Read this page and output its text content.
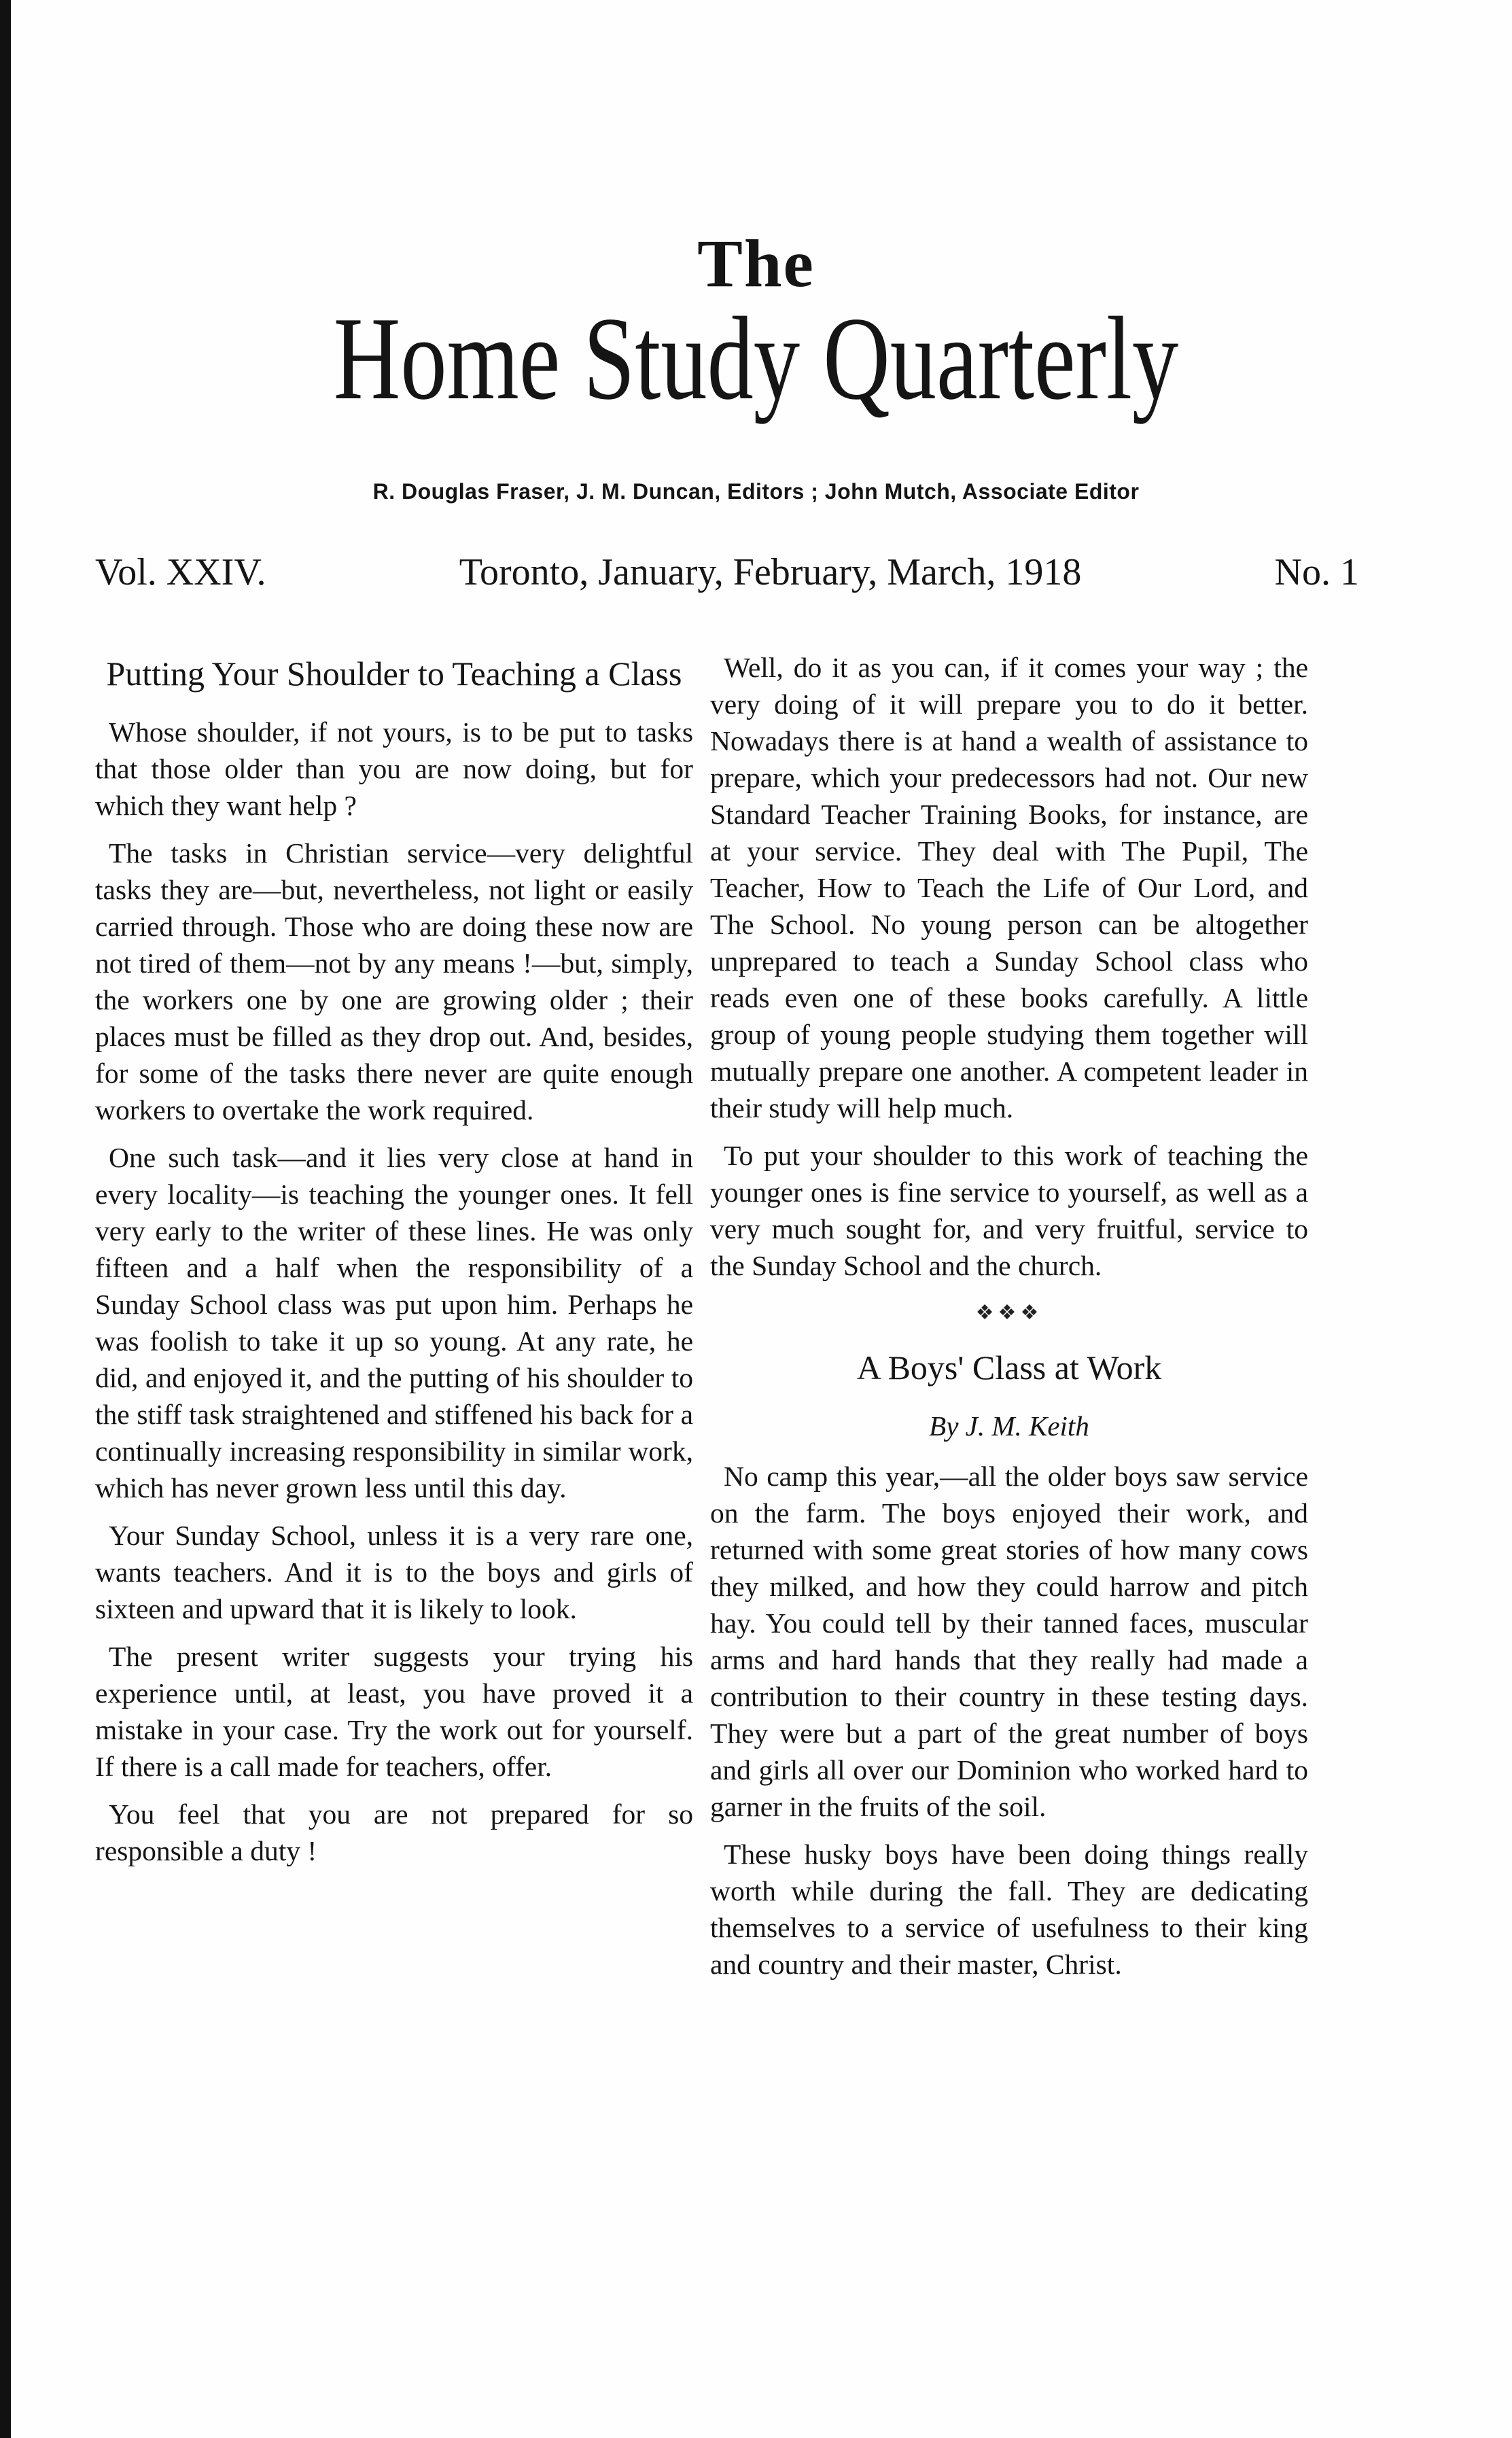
The
Home Study Quarterly
R. Douglas Fraser, J. M. Duncan, Editors ; John Mutch, Associate Editor
Vol. XXIV.	Toronto, January, February, March, 1918	No. 1
Putting Your Shoulder to Teaching a Class

Whose shoulder, if not yours, is to be put to tasks that those older than you are now doing, but for which they want help ?

The tasks in Christian service—very delightful tasks they are—but, nevertheless, not light or easily carried through. Those who are doing these now are not tired of them—not by any means !—but, simply, the workers one by one are growing older ; their places must be filled as they drop out. And, besides, for some of the tasks there never are quite enough workers to overtake the work required.

One such task—and it lies very close at hand in every locality—is teaching the younger ones. It fell very early to the writer of these lines. He was only fifteen and a half when the responsibility of a Sunday School class was put upon him. Perhaps he was foolish to take it up so young. At any rate, he did, and enjoyed it, and the putting of his shoulder to the stiff task straightened and stiffened his back for a continually increasing responsibility in similar work, which has never grown less until this day.

Your Sunday School, unless it is a very rare one, wants teachers. And it is to the boys and girls of sixteen and upward that it is likely to look.

The present writer suggests your trying his experience until, at least, you have proved it a mistake in your case. Try the work out for yourself. If there is a call made for teachers, offer.

You feel that you are not prepared for so responsible a duty !

Well, do it as you can, if it comes your way ; the very doing of it will prepare you to do it better. Nowadays there is at hand a wealth of assistance to prepare, which your predecessors had not. Our new Standard Teacher Training Books, for instance, are at your service. They deal with The Pupil, The Teacher, How to Teach the Life of Our Lord, and The School. No young person can be altogether unprepared to teach a Sunday School class who reads even one of these books carefully. A little group of young people studying them together will mutually prepare one another. A competent leader in their study will help much.

To put your shoulder to this work of teaching the younger ones is fine service to yourself, as well as a very much sought for, and very fruitful, service to the Sunday School and the church.

❖❖❖
A Boys' Class at Work
By J. M. Keith

No camp this year,—all the older boys saw service on the farm. The boys enjoyed their work, and returned with some great stories of how many cows they milked, and how they could harrow and pitch hay. You could tell by their tanned faces, muscular arms and hard hands that they really had made a contribution to their country in these testing days. They were but a part of the great number of boys and girls all over our Dominion who worked hard to garner in the fruits of the soil.

These husky boys have been doing things really worth while during the fall. They are dedicating themselves to a service of usefulness to their king and country and their master, Christ.
